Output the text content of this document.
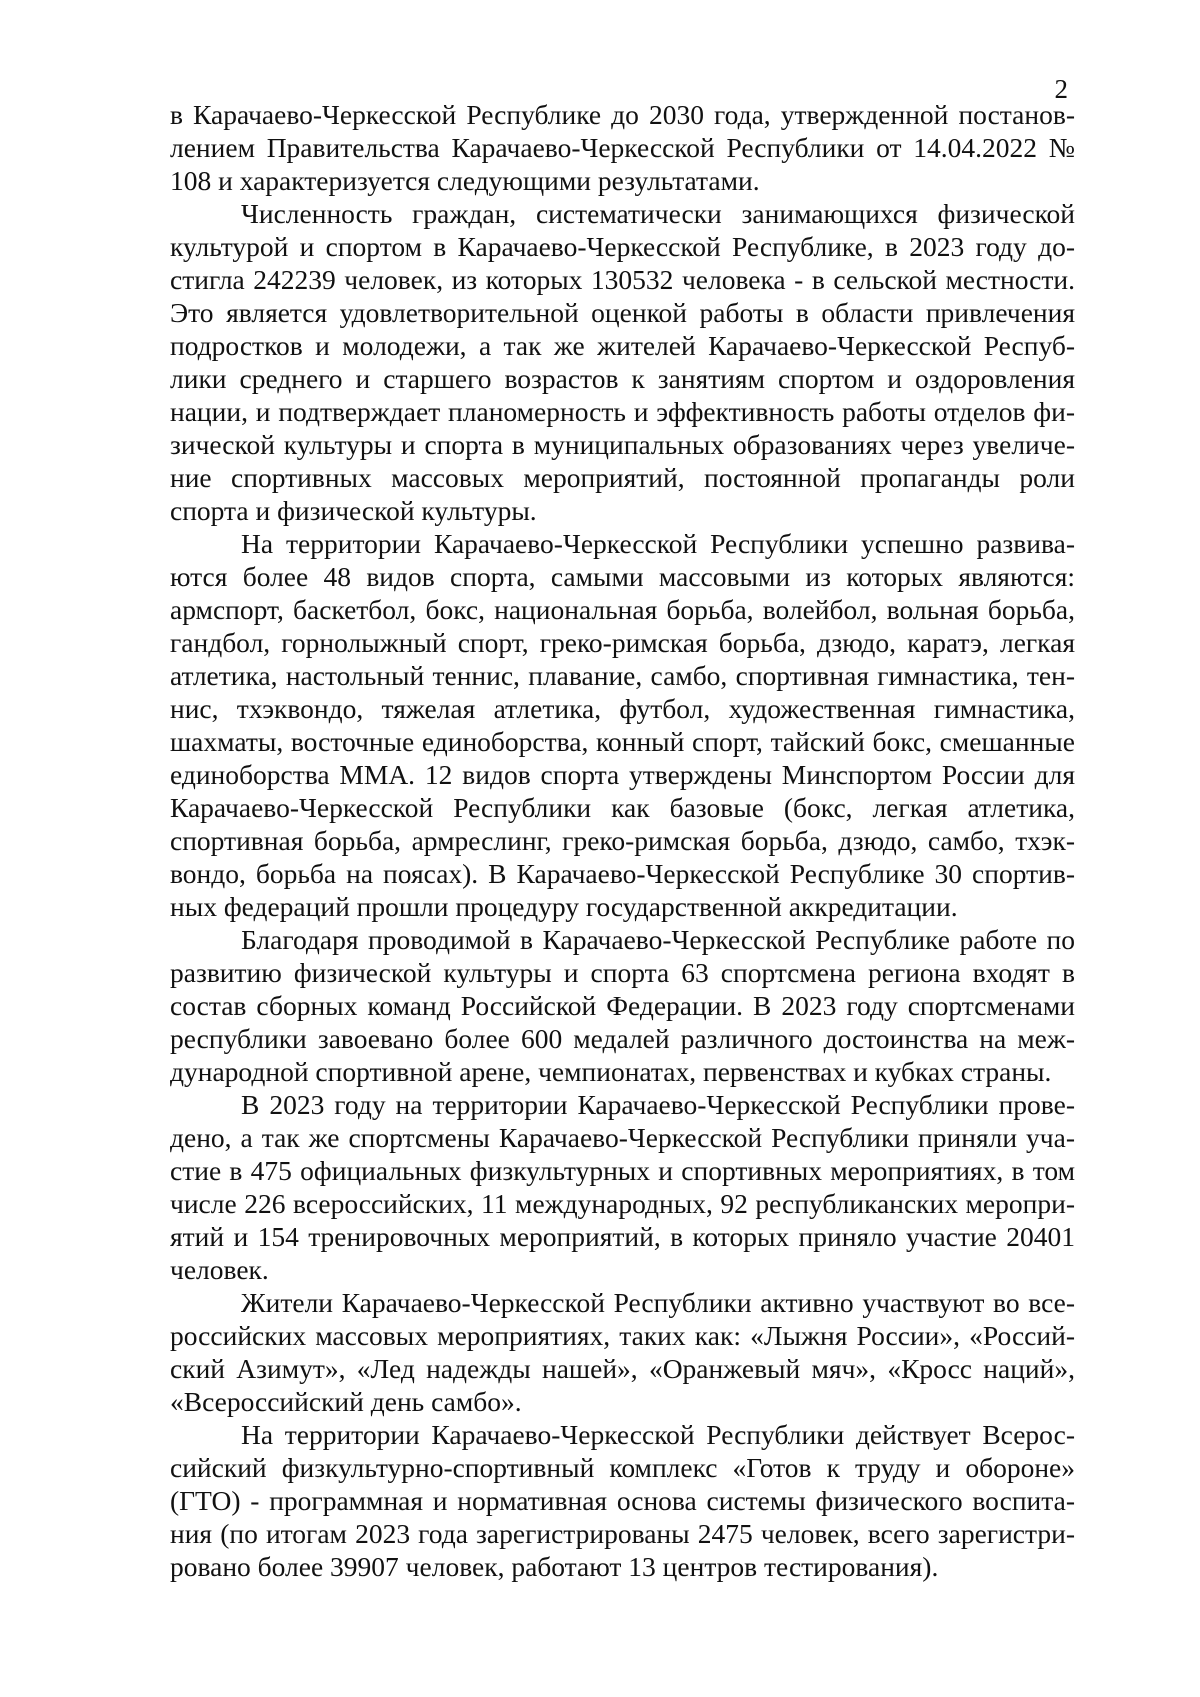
2

в Карачаево-Черкесской Республике до 2030 года, утвержденной постановлением Правительства Карачаево-Черкесской Республики от 14.04.2022 № 108 и характеризуется следующими результатами.

Численность граждан, систематически занимающихся физической культурой и спортом в Карачаево-Черкесской Республике, в 2023 году достигла 242239 человек, из которых 130532 человека - в сельской местности. Это является удовлетворительной оценкой работы в области привлечения подростков и молодежи, а так же жителей Карачаево-Черкесской Республики среднего и старшего возрастов к занятиям спортом и оздоровления нации, и подтверждает планомерность и эффективность работы отделов физической культуры и спорта в муниципальных образованиях через увеличение спортивных массовых мероприятий, постоянной пропаганды роли спорта и физической культуры.

На территории Карачаево-Черкесской Республики успешно развиваются более 48 видов спорта, самыми массовыми из которых являются: армспорт, баскетбол, бокс, национальная борьба, волейбол, вольная борьба, гандбол, горнолыжный спорт, греко-римская борьба, дзюдо, каратэ, легкая атлетика, настольный теннис, плавание, самбо, спортивная гимнастика, теннис, тхэквондо, тяжелая атлетика, футбол, художественная гимнастика, шахматы, восточные единоборства, конный спорт, тайский бокс, смешанные единоборства ММА. 12 видов спорта утверждены Минспортом России для Карачаево-Черкесской Республики как базовые (бокс, легкая атлетика, спортивная борьба, армреслинг, греко-римская борьба, дзюдо, самбо, тхэквондо, борьба на поясах). В Карачаево-Черкесской Республике 30 спортивных федераций прошли процедуру государственной аккредитации.

Благодаря проводимой в Карачаево-Черкесской Республике работе по развитию физической культуры и спорта 63 спортсмена региона входят в состав сборных команд Российской Федерации. В 2023 году спортсменами республики завоевано более 600 медалей различного достоинства на международной спортивной арене, чемпионатах, первенствах и кубках страны.

В 2023 году на территории Карачаево-Черкесской Республики проведено, а так же спортсмены Карачаево-Черкесской Республики приняли участие в 475 официальных физкультурных и спортивных мероприятиях, в том числе 226 всероссийских, 11 международных, 92 республиканских мероприятий и 154 тренировочных мероприятий, в которых приняло участие 20401 человек.

Жители Карачаево-Черкесской Республики активно участвуют во всероссийских массовых мероприятиях, таких как: «Лыжня России», «Российский Азимут», «Лед надежды нашей», «Оранжевый мяч», «Кросс наций», «Всероссийский день самбо».

На территории Карачаево-Черкесской Республики действует Всероссийский физкультурно-спортивный комплекс «Готов к труду и обороне» (ГТО) - программная и нормативная основа системы физического воспитания (по итогам 2023 года зарегистрированы 2475 человек, всего зарегистрировано более 39907 человек, работают 13 центров тестирования).
